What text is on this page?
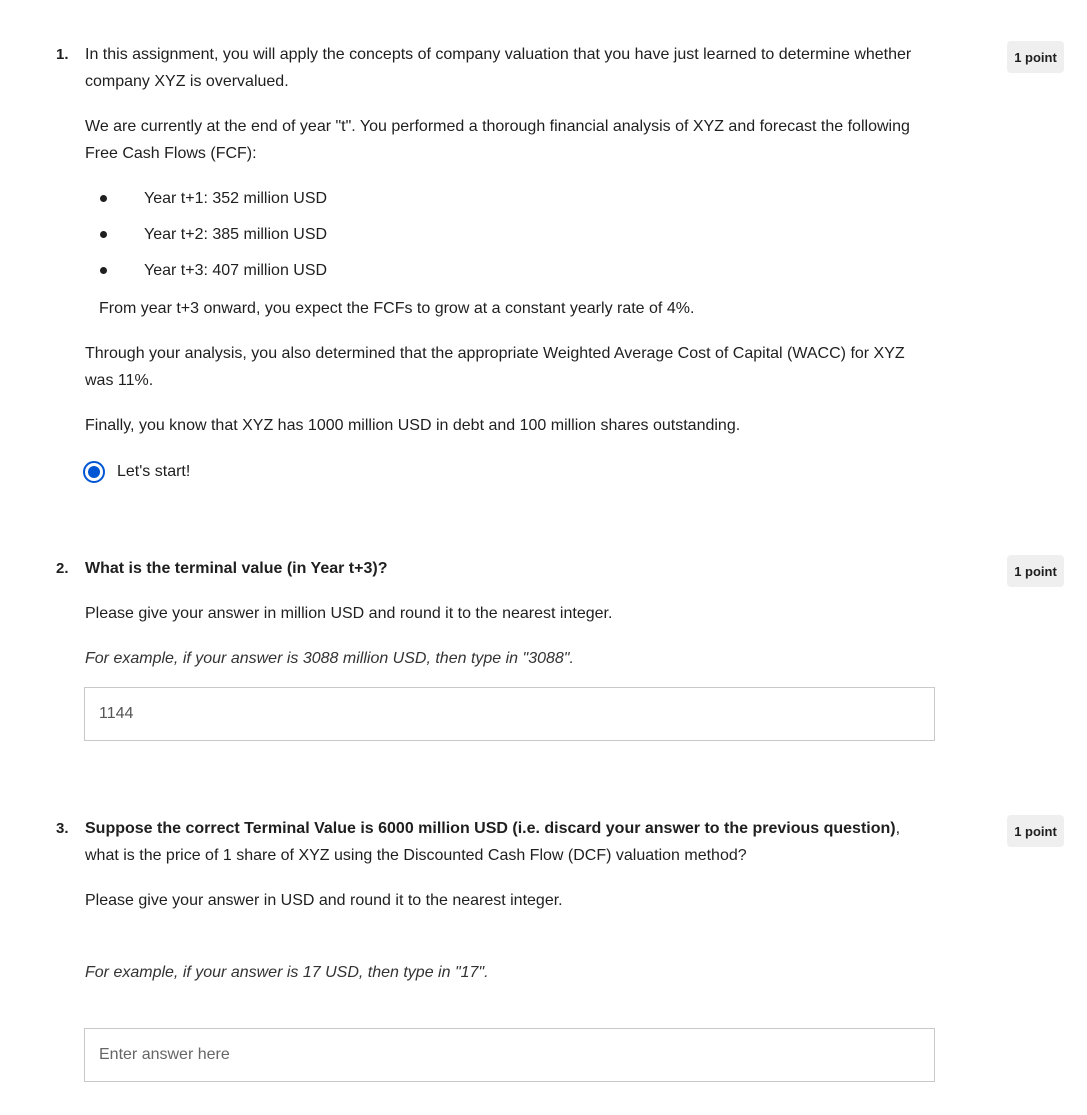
1.	1 point

In this assignment, you will apply the concepts of company valuation that you have just learned to determine whether company XYZ is overvalued.

We are currently at the end of year "t". You performed a thorough financial analysis of XYZ and forecast the following Free Cash Flows (FCF):

Year t+1: 352 million USD
Year t+2: 385 million USD
Year t+3: 407 million USD

From year t+3 onward, you expect the FCFs to grow at a constant yearly rate of 4%.

Through your analysis, you also determined that the appropriate Weighted Average Cost of Capital (WACC) for XYZ was 11%.

Finally, you know that XYZ has 1000 million USD in debt and 100 million shares outstanding.

Let's start!
2.	1 point

What is the terminal value (in Year t+3)?

Please give your answer in million USD and round it to the nearest integer.

For example, if your answer is 3088 million USD, then type in "3088".

1144
3.	1 point

Suppose the correct Terminal Value is 6000 million USD (i.e. discard your answer to the previous question), what is the price of 1 share of XYZ using the Discounted Cash Flow (DCF) valuation method?

Please give your answer in USD and round it to the nearest integer.

For example, if your answer is 17 USD, then type in "17".

Enter answer here
